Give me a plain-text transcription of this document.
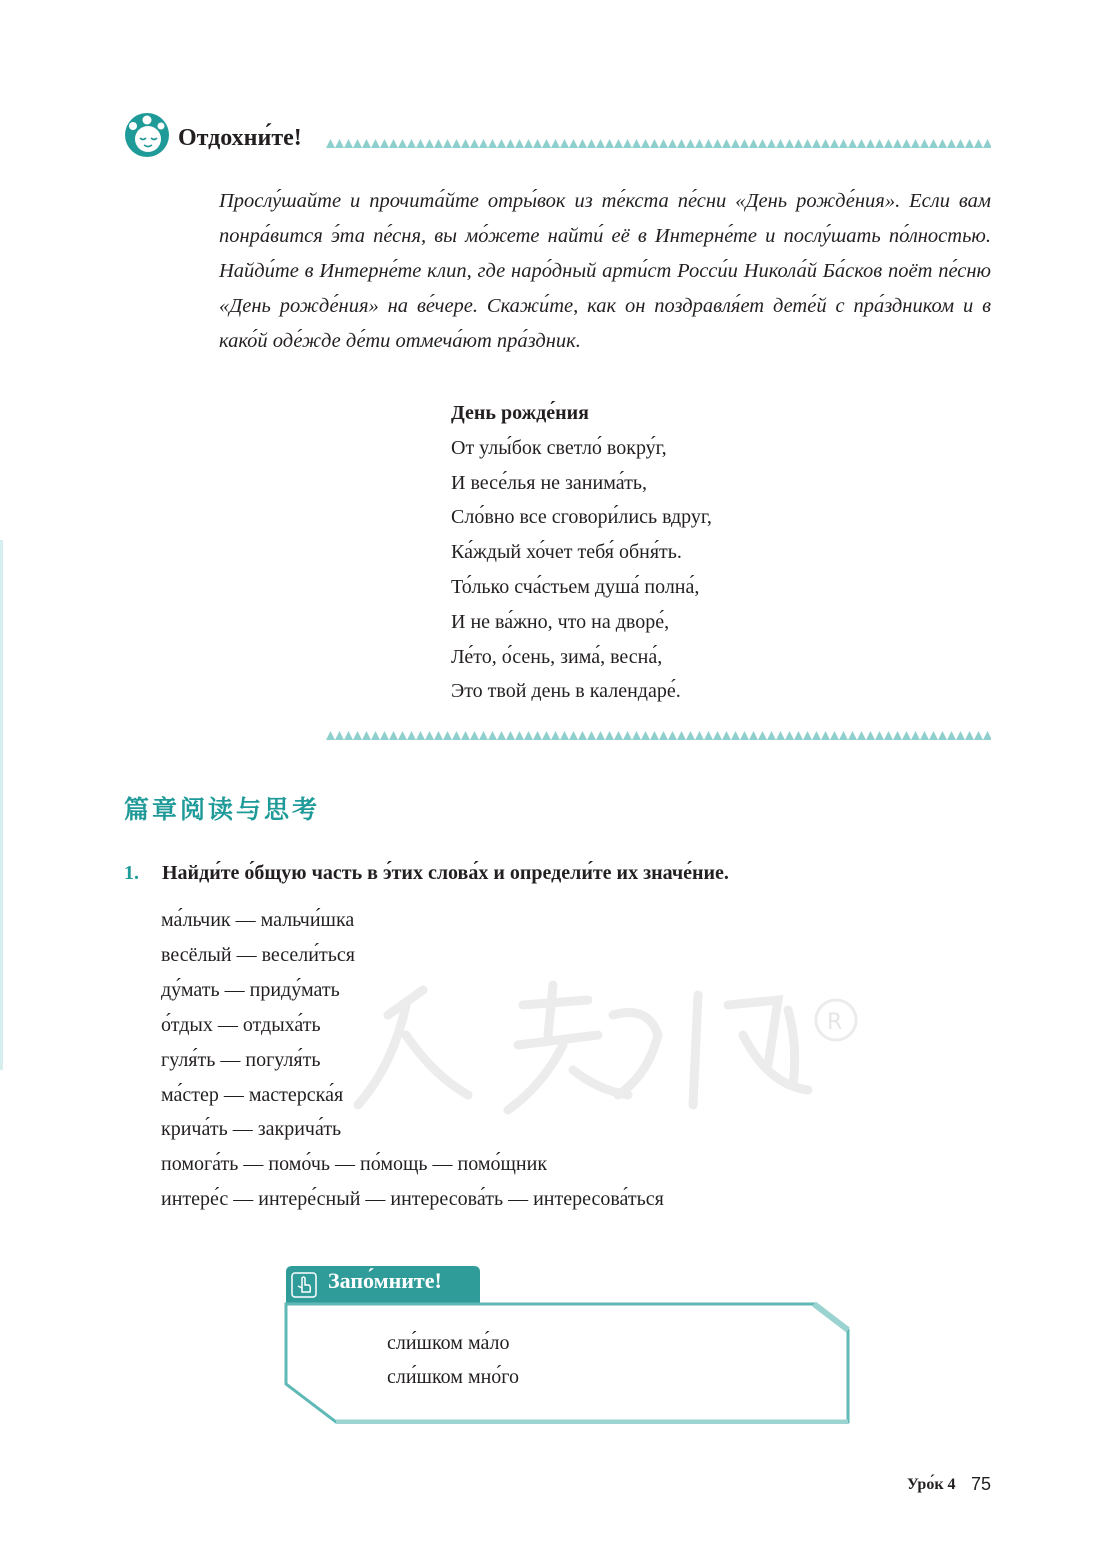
Отдохни́те!
Прослу́шайте и прочита́йте отры́вок из те́кста пе́сни «День рожде́ния». Если вам понра́вится э́та пе́сня, вы мо́жете найти́ её в Интерне́те и послу́шать по́лностью. Найди́те в Интерне́те клип, где наро́дный арти́ст Росси́и Никола́й Ба́сков поёт пе́сню «День рожде́ния» на ве́чере. Скажи́те, как он поздравля́ет дете́й с пра́здником и в како́й оде́жде де́ти отмеча́ют пра́здник.
День рожде́ния
От улы́бок светло́ вокру́г,
И весе́лья не занима́ть,
Сло́вно все сговори́лись вдруг,
Ка́ждый хо́чет тебя́ обня́ть.
То́лько сча́стьем душа́ полна́,
И не ва́жно, что на дворе́,
Ле́то, о́сень, зима́, весна́,
Это твой день в календаре́.
篇章阅读与思考
1. Найди́те о́бщую часть в э́тих слова́х и определи́те их значе́ние.
ма́льчик — мальчи́шка
весёлый — весели́ться
ду́мать — приду́мать
о́тдых — отдыха́ть
гуля́ть — погуля́ть
ма́стер — мастерска́я
крича́ть — закрича́ть
помога́ть — помо́чь — по́мощь — помо́щник
интере́с — интере́сный — интересова́ть — интересова́ться
R
Запо́мните!
сли́шком ма́ло
сли́шком мно́го
Уро́к 4 75
